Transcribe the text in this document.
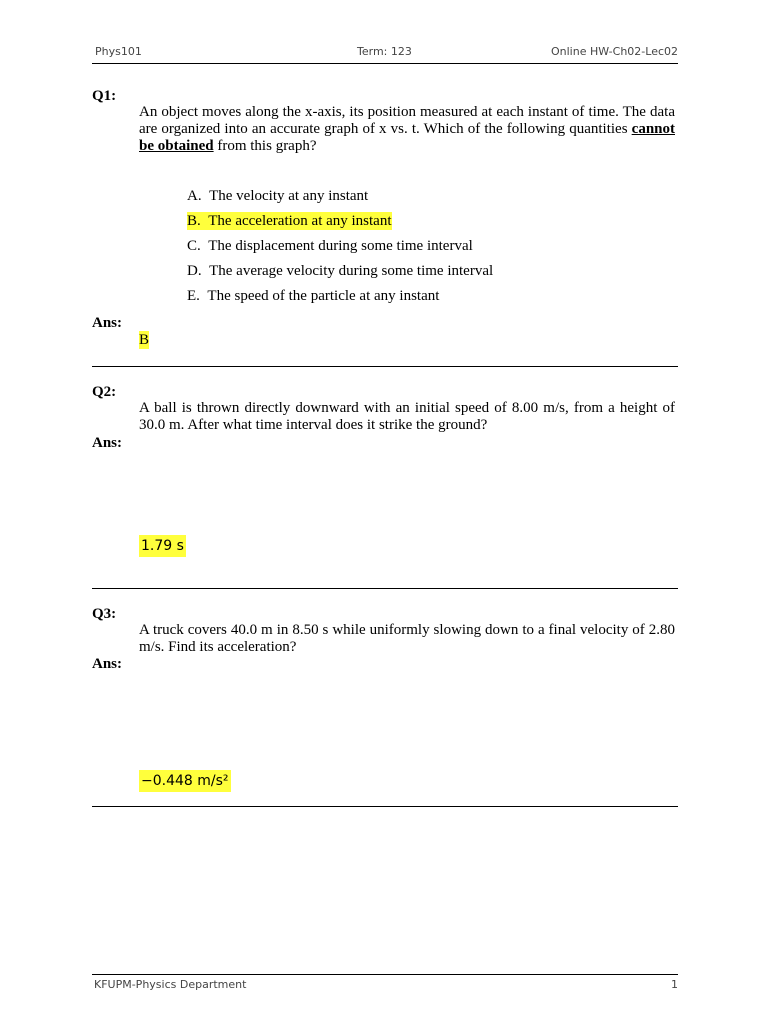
Phys101	Term: 123	Online HW-Ch02-Lec02
Q1:
An object moves along the x-axis, its position measured at each instant of time. The data are organized into an accurate graph of x vs. t. Which of the following quantities cannot be obtained from this graph?
A. The velocity at any instant
B. The acceleration at any instant
C. The displacement during some time interval
D. The average velocity during some time interval
E. The speed of the particle at any instant
Ans:
B
Q2:
A ball is thrown directly downward with an initial speed of 8.00 m/s, from a height of 30.0 m. After what time interval does it strike the ground?
Ans:
1.79 s
Q3:
A truck covers 40.0 m in 8.50 s while uniformly slowing down to a final velocity of 2.80 m/s. Find its acceleration?
Ans:
−0.448 m/s²
KFUPM-Physics Department	1
